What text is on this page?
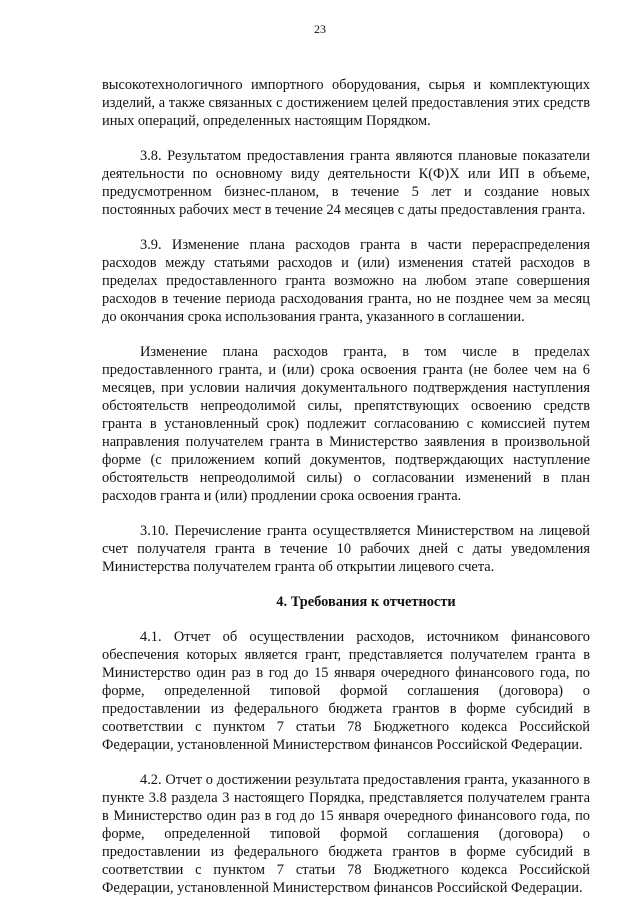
23

высокотехнологичного импортного оборудования, сырья и комплектующих изделий, а также связанных с достижением целей предоставления этих средств иных операций, определенных настоящим Порядком.

3.8. Результатом предоставления гранта являются плановые показатели деятельности по основному виду деятельности К(Ф)Х или ИП в объеме, предусмотренном бизнес-планом, в течение 5 лет и создание новых постоянных рабочих мест в течение 24 месяцев с даты предоставления гранта.

3.9. Изменение плана расходов гранта в части перераспределения расходов между статьями расходов и (или) изменения статей расходов в пределах предоставленного гранта возможно на любом этапе совершения расходов в течение периода расходования гранта, но не позднее чем за месяц до окончания срока использования гранта, указанного в соглашении.

Изменение плана расходов гранта, в том числе в пределах предоставленного гранта, и (или) срока освоения гранта (не более чем на 6 месяцев, при условии наличия документального подтверждения наступления обстоятельств непреодолимой силы, препятствующих освоению средств гранта в установленный срок) подлежит согласованию с комиссией путем направления получателем гранта в Министерство заявления в произвольной форме (с приложением копий документов, подтверждающих наступление обстоятельств непреодолимой силы) о согласовании изменений в план расходов гранта и (или) продлении срока освоения гранта.

3.10. Перечисление гранта осуществляется Министерством на лицевой счет получателя гранта в течение 10 рабочих дней с даты уведомления Министерства получателем гранта об открытии лицевого счета.

4. Требования к отчетности

4.1. Отчет об осуществлении расходов, источником финансового обеспечения которых является грант, представляется получателем гранта в Министерство один раз в год до 15 января очередного финансового года, по форме, определенной типовой формой соглашения (договора) о предоставлении из федерального бюджета грантов в форме субсидий в соответствии с пунктом 7 статьи 78 Бюджетного кодекса Российской Федерации, установленной Министерством финансов Российской Федерации.

4.2. Отчет о достижении результата предоставления гранта, указанного в пункте 3.8 раздела 3 настоящего Порядка, представляется получателем гранта в Министерство один раз в год до 15 января очередного финансового года, по форме, определенной типовой формой соглашения (договора) о предоставлении из федерального бюджета грантов в форме субсидий в соответствии с пунктом 7 статьи 78 Бюджетного кодекса Российской Федерации, установленной Министерством финансов Российской Федерации.
